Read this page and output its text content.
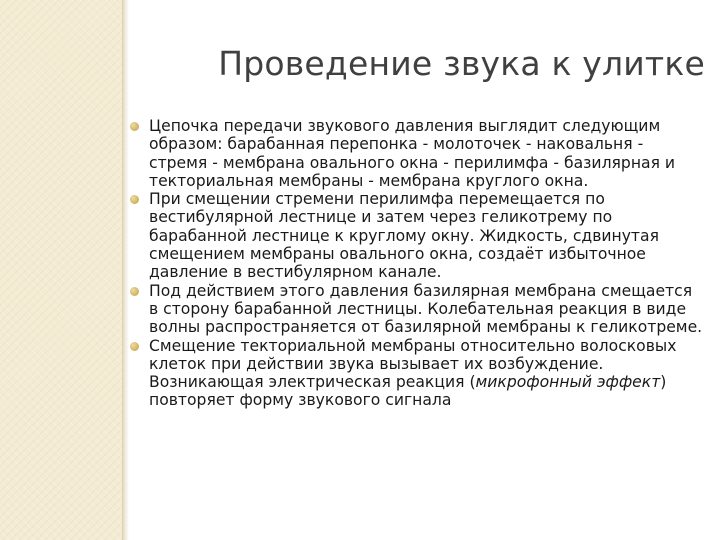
Проведение звука к улитке
Цепочка передачи звукового давления выглядит следующим образом: барабанная перепонка - молоточек - наковальня - стремя - мембрана овального окна - перилимфа - базилярная и текториальная мембраны - мембрана круглого окна.
При смещении стремени перилимфа перемещается по вестибулярной лестнице и затем через геликотрему по барабанной лестнице к круглому окну. Жидкость, сдвинутая смещением мембраны овального окна, создаёт избыточное давление в вестибулярном канале.
Под действием этого давления базилярная мембрана смещается в сторону барабанной лестницы. Колебательная реакция в виде волны распространяется от базилярной мембраны к геликотреме.
Смещение текториальной мембраны относительно волосковых клеток при действии звука вызывает их возбуждение. Возникающая электрическая реакция (микрофонный эффект) повторяет форму звукового сигнала
